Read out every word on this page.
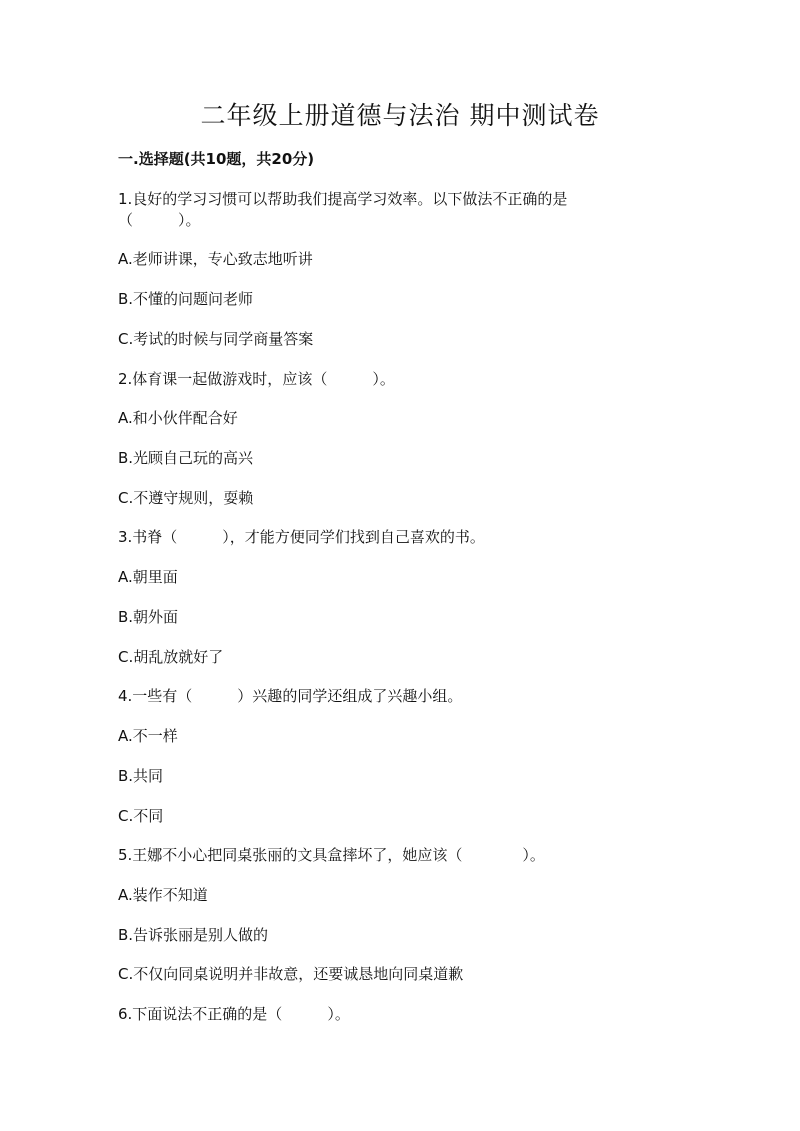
二年级上册道德与法治 期中测试卷
一.选择题(共10题，共20分)
1.良好的学习习惯可以帮助我们提高学习效率。以下做法不正确的是
（　　　）。
A.老师讲课，专心致志地听讲
B.不懂的问题问老师
C.考试的时候与同学商量答案
2.体育课一起做游戏时，应该（　　　）。
A.和小伙伴配合好
B.光顾自己玩的高兴
C.不遵守规则，耍赖
3.书脊（　　　），才能方便同学们找到自己喜欢的书。
A.朝里面
B.朝外面
C.胡乱放就好了
4.一些有（　　　）兴趣的同学还组成了兴趣小组。
A.不一样
B.共同
C.不同
5.王娜不小心把同桌张丽的文具盒摔坏了，她应该（　　　　）。
A.装作不知道
B.告诉张丽是别人做的
C.不仅向同桌说明并非故意，还要诚恳地向同桌道歉
6.下面说法不正确的是（　　　）。
